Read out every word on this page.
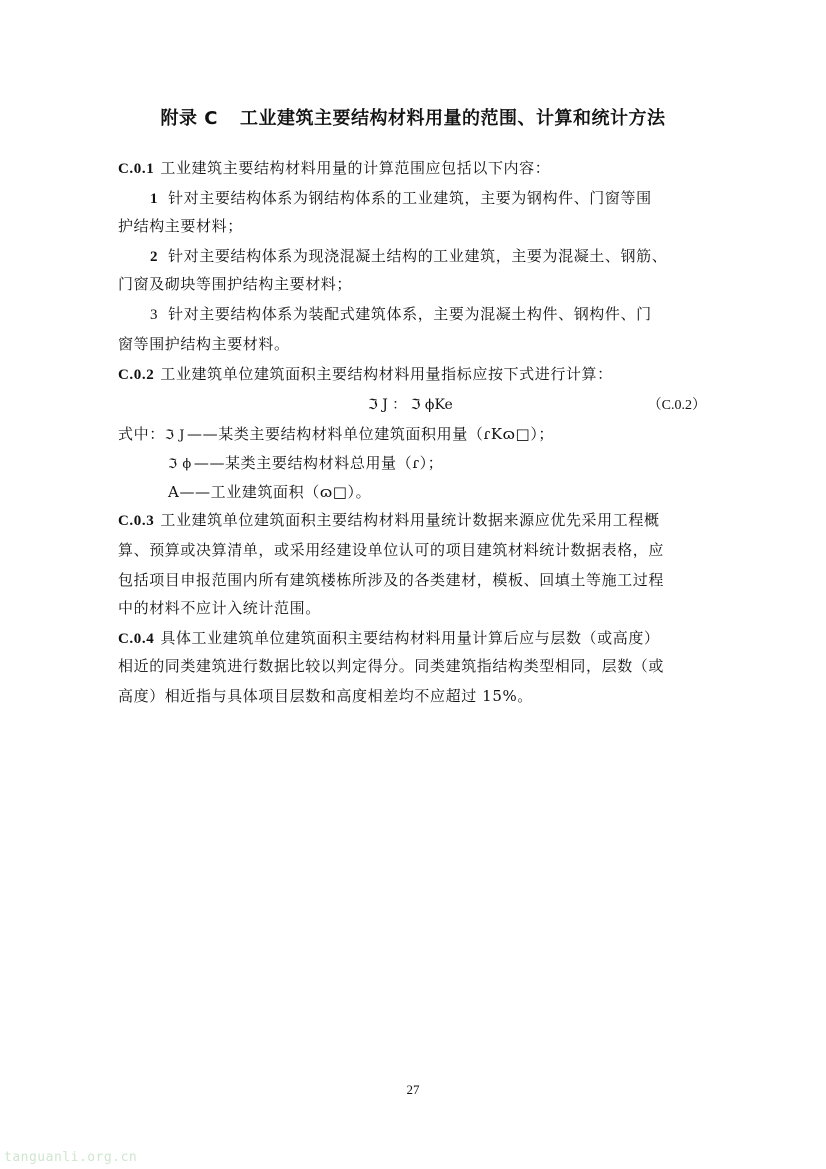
附录 C 工业建筑主要结构材料用量的范围、计算和统计方法
C.0.1 工业建筑主要结构材料用量的计算范围应包括以下内容：
1 针对主要结构体系为钢结构体系的工业建筑，主要为钢构件、门窗等围
护结构主要材料；
2 针对主要结构体系为现浇混凝土结构的工业建筑，主要为混凝土、钢筋、
门窗及砌块等围护结构主要材料；
3 针对主要结构体系为装配式建筑体系，主要为混凝土构件、钢构件、门
窗等围护结构主要材料。
C.0.2 工业建筑单位建筑面积主要结构材料用量指标应按下式进行计算：
ℑ J ： ℑ ϕKe	（C.0.2）
式中：ℑ J ——某类主要结构材料单位建筑面积用量（ɾKɷ□）；
ℑ ϕ ——某类主要结构材料总用量（ɾ）；
A——工业建筑面积（ɷ□）。
C.0.3 工业建筑单位建筑面积主要结构材料用量统计数据来源应优先采用工程概
算、预算或决算清单，或采用经建设单位认可的项目建筑材料统计数据表格，应
包括项目申报范围内所有建筑楼栋所涉及的各类建材，模板、回填土等施工过程
中的材料不应计入统计范围。
C.0.4 具体工业建筑单位建筑面积主要结构材料用量计算后应与层数（或高度）
相近的同类建筑进行数据比较以判定得分。同类建筑指结构类型相同，层数（或
高度）相近指与具体项目层数和高度相差均不应超过 15%。
27
tanguanli.org.cn
